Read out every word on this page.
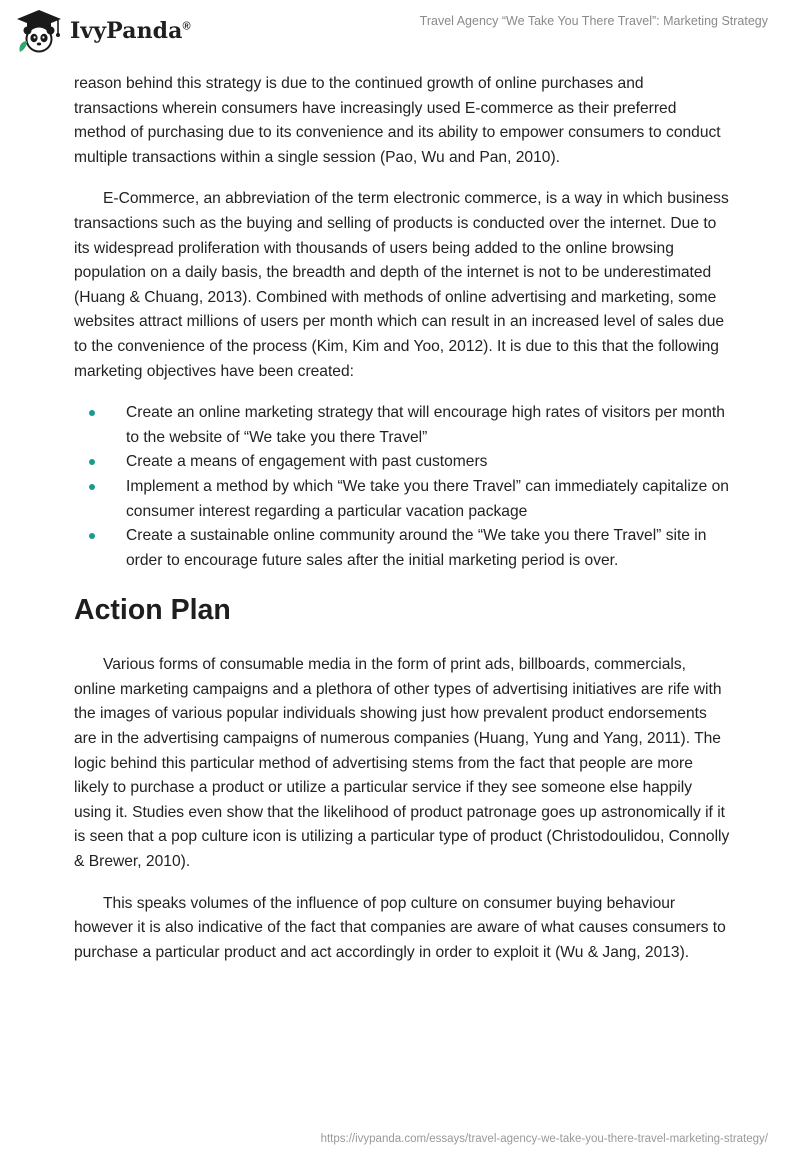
IvyPanda®	Travel Agency “We Take You There Travel”: Marketing Strategy

reason behind this strategy is due to the continued growth of online purchases and transactions wherein consumers have increasingly used E-commerce as their preferred method of purchasing due to its convenience and its ability to empower consumers to conduct multiple transactions within a single session (Pao, Wu and Pan, 2010).

E-Commerce, an abbreviation of the term electronic commerce, is a way in which business transactions such as the buying and selling of products is conducted over the internet. Due to its widespread proliferation with thousands of users being added to the online browsing population on a daily basis, the breadth and depth of the internet is not to be underestimated (Huang & Chuang, 2013). Combined with methods of online advertising and marketing, some websites attract millions of users per month which can result in an increased level of sales due to the convenience of the process (Kim, Kim and Yoo, 2012). It is due to this that the following marketing objectives have been created:

Create an online marketing strategy that will encourage high rates of visitors per month to the website of “We take you there Travel”
Create a means of engagement with past customers
Implement a method by which “We take you there Travel” can immediately capitalize on consumer interest regarding a particular vacation package
Create a sustainable online community around the “We take you there Travel” site in order to encourage future sales after the initial marketing period is over.
Action Plan

Various forms of consumable media in the form of print ads, billboards, commercials, online marketing campaigns and a plethora of other types of advertising initiatives are rife with the images of various popular individuals showing just how prevalent product endorsements are in the advertising campaigns of numerous companies (Huang, Yung and Yang, 2011). The logic behind this particular method of advertising stems from the fact that people are more likely to purchase a product or utilize a particular service if they see someone else happily using it. Studies even show that the likelihood of product patronage goes up astronomically if it is seen that a pop culture icon is utilizing a particular type of product (Christodoulidou, Connolly & Brewer, 2010).

This speaks volumes of the influence of pop culture on consumer buying behaviour however it is also indicative of the fact that companies are aware of what causes consumers to purchase a particular product and act accordingly in order to exploit it (Wu & Jang, 2013).

https://ivypanda.com/essays/travel-agency-we-take-you-there-travel-marketing-strategy/
